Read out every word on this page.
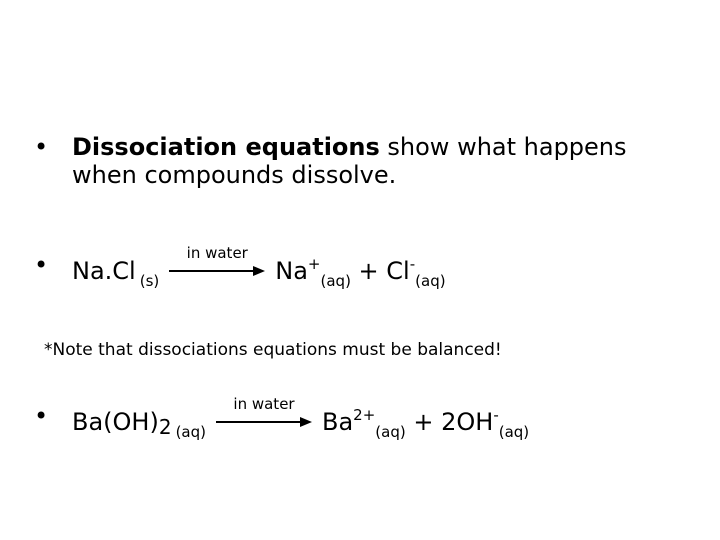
• Dissociation equations show what happens when compounds dissolve.
• Na.Cl (s)
in water
Na +
(aq) + Cl -
(aq)
*Note that dissociations equations must be balanced!
• Ba(OH) 2 (aq)
in water
Ba 2+
(aq) + 2OH -
(aq)
